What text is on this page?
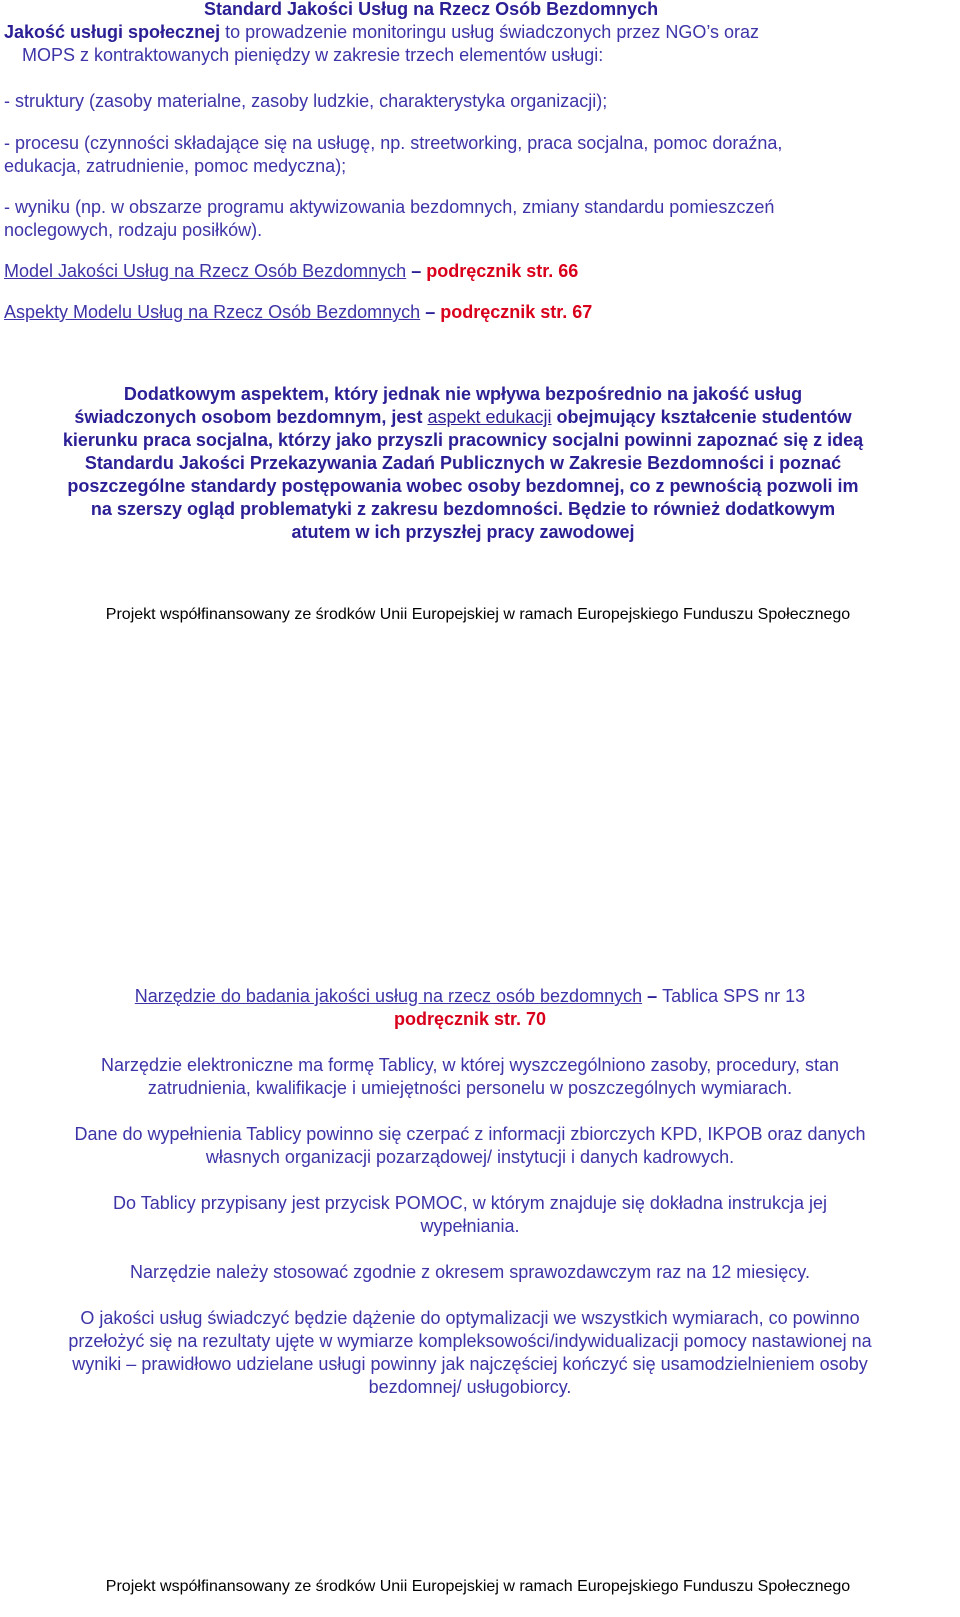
Standard Jakości Usług na Rzecz Osób Bezdomnych
Jakość usługi społecznej to prowadzenie monitoringu usług świadczonych przez NGO’s oraz
MOPS z kontraktowanych pieniędzy w zakresie trzech elementów usługi:
- struktury (zasoby materialne, zasoby ludzkie, charakterystyka organizacji);
- procesu (czynności składające się na usługę, np. streetworking, praca socjalna, pomoc doraźna,
edukacja, zatrudnienie, pomoc medyczna);
- wyniku (np. w obszarze programu aktywizowania bezdomnych, zmiany standardu pomieszczeń
noclegowych, rodzaju posiłków).
Model Jakości Usług na Rzecz Osób Bezdomnych – podręcznik str. 66
Aspekty Modelu Usług na Rzecz Osób Bezdomnych – podręcznik str. 67
Dodatkowym aspektem, który jednak nie wpływa bezpośrednio na jakość usług
świadczonych osobom bezdomnym, jest aspekt edukacji obejmujący kształcenie studentów
kierunku praca socjalna, którzy jako przyszli pracownicy socjalni powinni zapoznać się z ideą
Standardu Jakości Przekazywania Zadań Publicznych w Zakresie Bezdomności i poznać
poszczególne standardy postępowania wobec osoby bezdomnej, co z pewnością pozwoli im
na szerszy ogląd problematyki z zakresu bezdomności. Będzie to również dodatkowym
atutem w ich przyszłej pracy zawodowej
Projekt współfinansowany ze środków Unii Europejskiej w ramach Europejskiego Funduszu Społecznego
Narzędzie do badania jakości usług na rzecz osób bezdomnych – Tablica SPS nr 13
podręcznik str. 70
Narzędzie elektroniczne ma formę Tablicy, w której wyszczególniono zasoby, procedury, stan
zatrudnienia, kwalifikacje i umiejętności personelu w poszczególnych wymiarach.
Dane do wypełnienia Tablicy powinno się czerpać z informacji zbiorczych KPD, IKPOB oraz danych
własnych organizacji pozarządowej/ instytucji i danych kadrowych.
Do Tablicy przypisany jest przycisk POMOC, w którym znajduje się dokładna instrukcja jej
wypełniania.
Narzędzie należy stosować zgodnie z okresem sprawozdawczym raz na 12 miesięcy.
O jakości usług świadczyć będzie dążenie do optymalizacji we wszystkich wymiarach, co powinno
przełożyć się na rezultaty ujęte w wymiarze kompleksowości/indywidualizacji pomocy nastawionej na
wyniki – prawidłowo udzielane usługi powinny jak najczęściej kończyć się usamodzielnieniem osoby
bezdomnej/ usługobiorcy.
Projekt współfinansowany ze środków Unii Europejskiej w ramach Europejskiego Funduszu Społecznego
